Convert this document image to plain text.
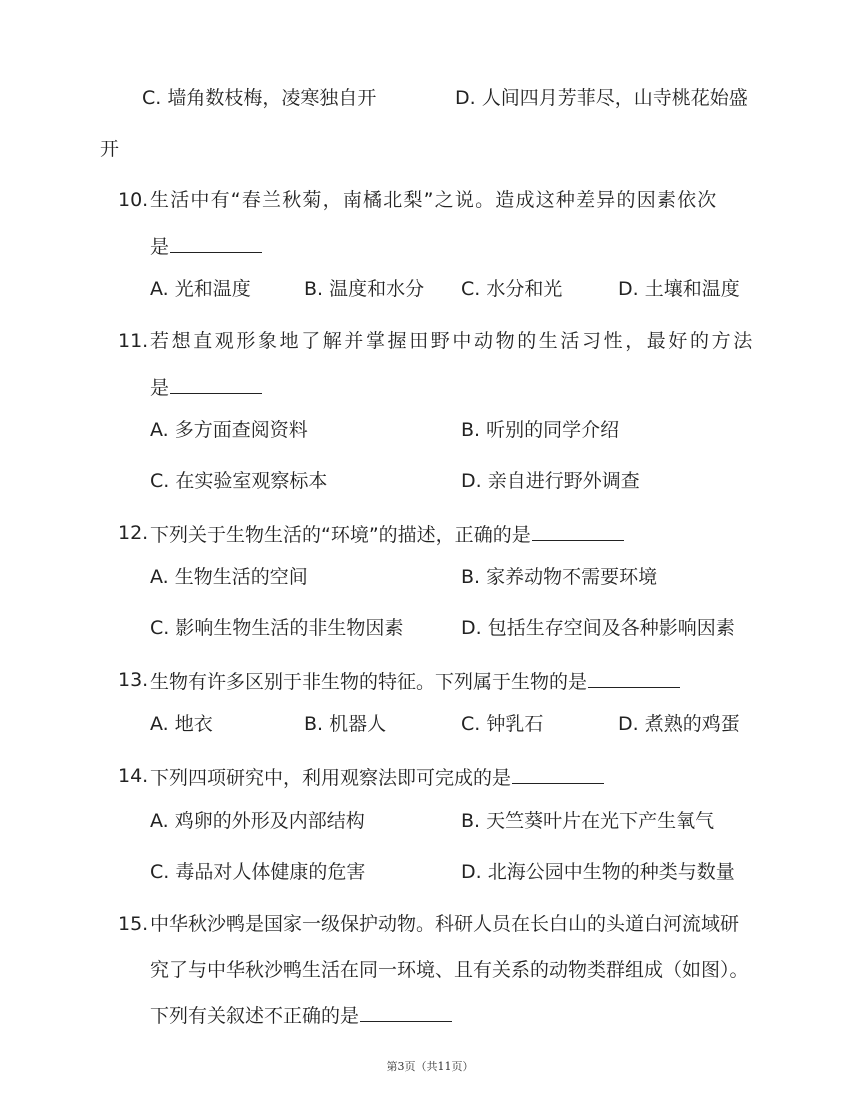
C. 墙角数枝梅，凌寒独自开	D. 人间四月芳菲尽，山寺桃花始盛
开
10. 生活中有“春兰秋菊，南橘北梨”之说。造成这种差异的因素依次
是
A. 光和温度	B. 温度和水分 C. 水分和光	D. 土壤和温度
11. 若想直观形象地了解并掌握田野中动物的生活习性，最好的方法
是
A. 多方面查阅资料	B. 听别的同学介绍
C. 在实验室观察标本	D. 亲自进行野外调查
12. 下列关于生物生活的“环境”的描述，正确的是
A. 生物生活的空间	B. 家养动物不需要环境
C. 影响生物生活的非生物因素	D. 包括生存空间及各种影响因素
13. 生物有许多区别于非生物的特征。下列属于生物的是
A. 地衣	B. 机器人	C. 钟乳石	D. 煮熟的鸡蛋
14. 下列四项研究中，利用观察法即可完成的是
A. 鸡卵的外形及内部结构	B. 天竺葵叶片在光下产生氧气
C. 毒品对人体健康的危害	D. 北海公园中生物的种类与数量
15. 中华秋沙鸭是国家一级保护动物。科研人员在长白山的头道白河流域研
究了与中华秋沙鸭生活在同一环境、且有关系的动物类群组成（如图）。
下列有关叙述不正确的是
第3页（共11页）
